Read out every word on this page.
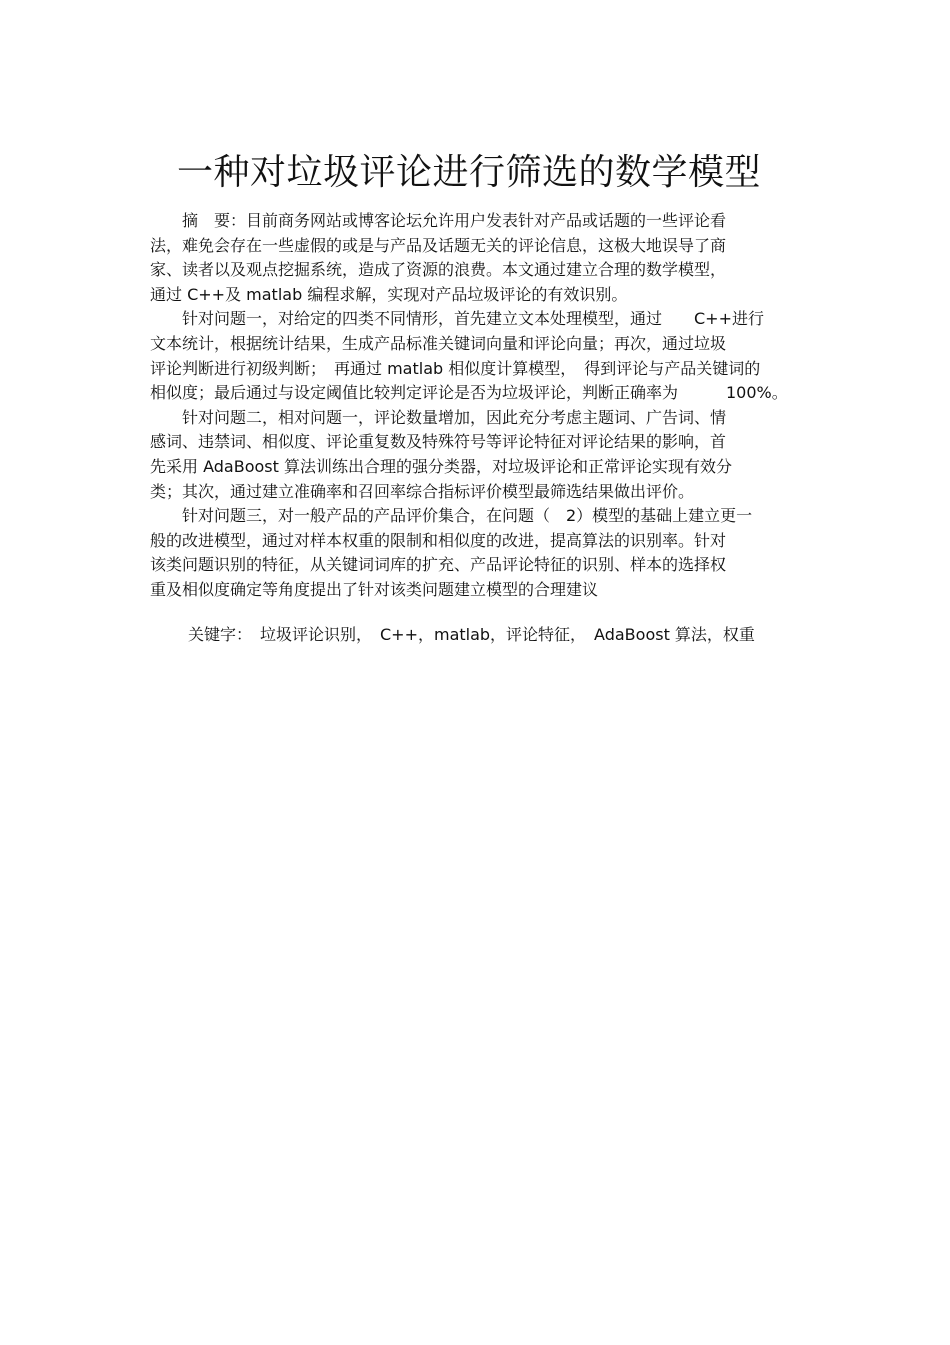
一种对垃圾评论进行筛选的数学模型

摘　要：目前商务网站或博客论坛允许用户发表针对产品或话题的一些评论看
法，难免会存在一些虚假的或是与产品及话题无关的评论信息，这极大地误导了商
家、读者以及观点挖掘系统，造成了资源的浪费。本文通过建立合理的数学模型，
通过 C++及 matlab 编程求解，实现对产品垃圾评论的有效识别。

针对问题一，对给定的四类不同情形，首先建立文本处理模型，通过　　C++进行
文本统计，根据统计结果，生成产品标准关键词向量和评论向量；再次，通过垃圾
评论判断进行初级判断；　再通过 matlab 相似度计算模型，　得到评论与产品关键词的
相似度；最后通过与设定阈值比较判定评论是否为垃圾评论，判断正确率为　　　100%。

针对问题二，相对问题一，评论数量增加，因此充分考虑主题词、广告词、情
感词、违禁词、相似度、评论重复数及特殊符号等评论特征对评论结果的影响，首
先采用 AdaBoost 算法训练出合理的强分类器，对垃圾评论和正常评论实现有效分
类；其次，通过建立准确率和召回率综合指标评价模型最筛选结果做出评价。

针对问题三，对一般产品的产品评价集合，在问题（　2）模型的基础上建立更一
般的改进模型，通过对样本权重的限制和相似度的改进，提高算法的识别率。针对
该类问题识别的特征，从关键词词库的扩充、产品评论特征的识别、样本的选择权
重及相似度确定等角度提出了针对该类问题建立模型的合理建议

关键字：　垃圾评论识别，　C++，matlab，评论特征，　AdaBoost 算法，权重
